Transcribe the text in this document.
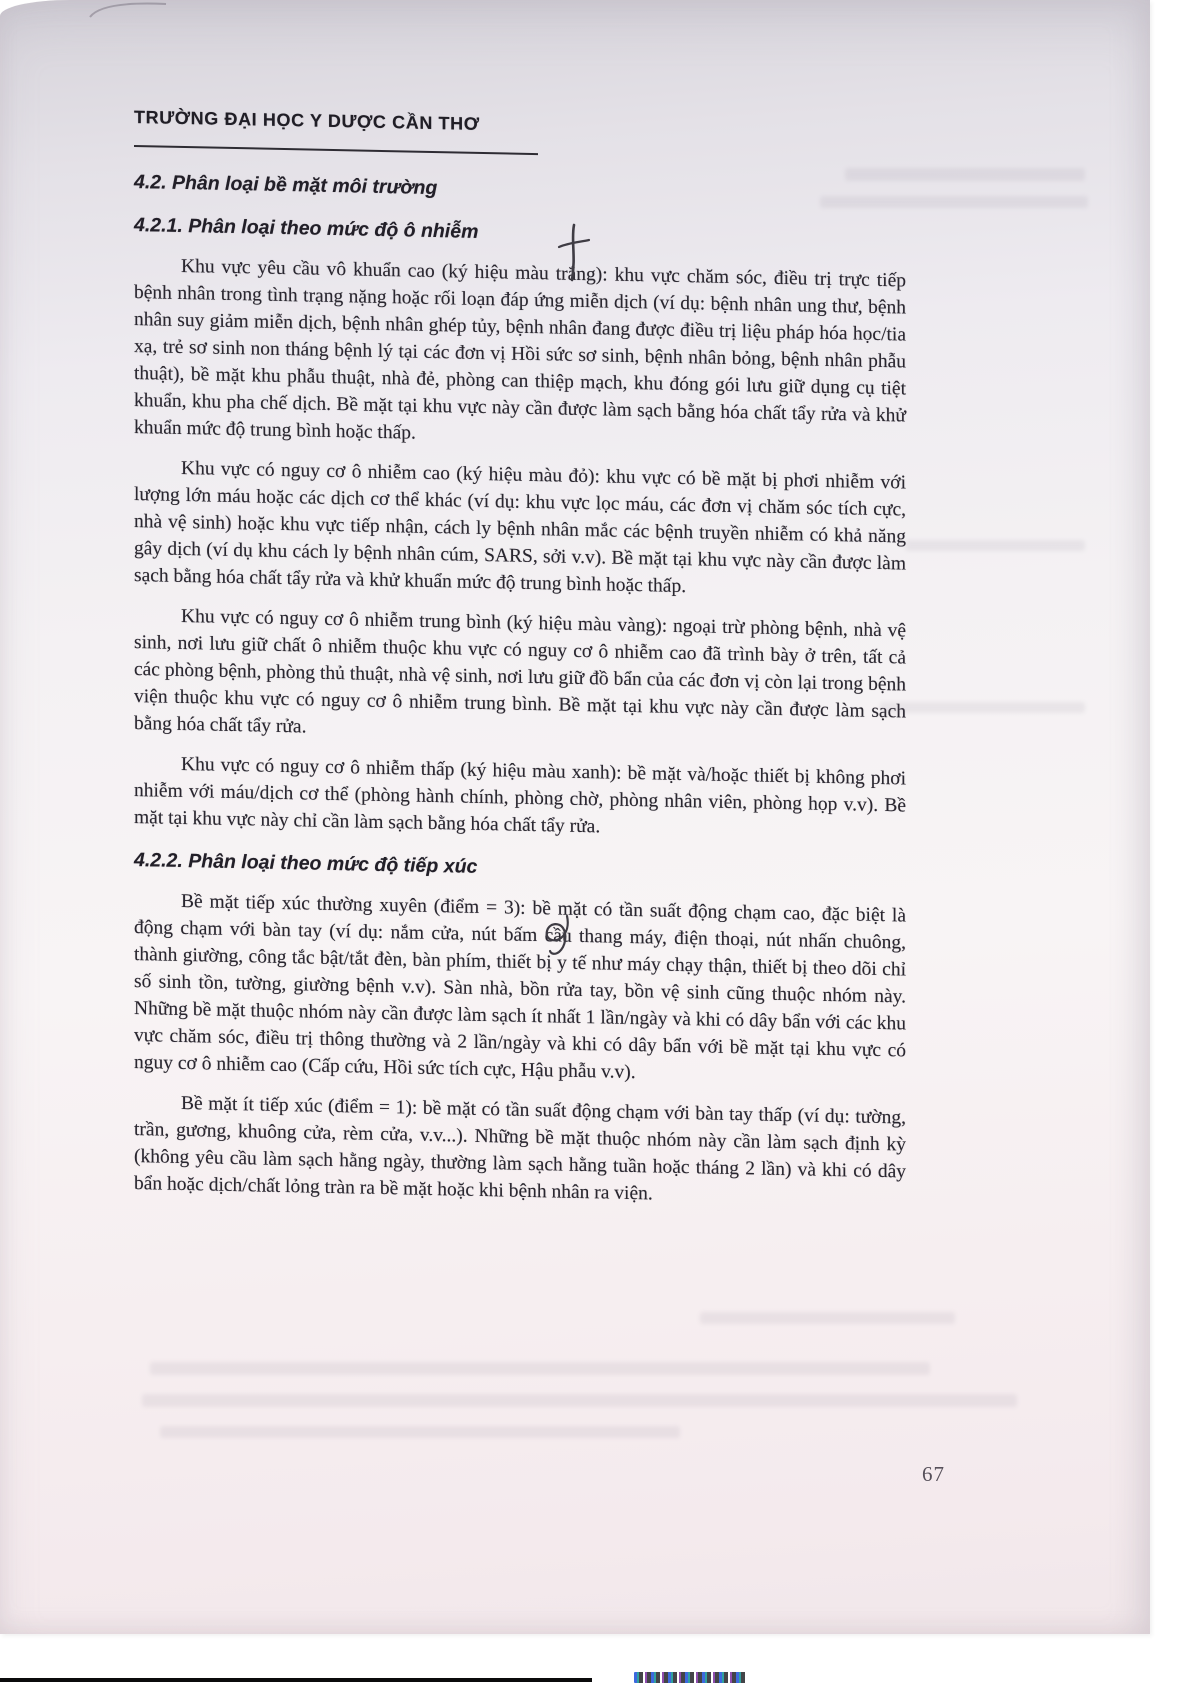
TRƯỜNG ĐẠI HỌC Y DƯỢC CẦN THƠ
4.2. Phân loại bề mặt môi trường
4.2.1. Phân loại theo mức độ ô nhiễm

Khu vực yêu cầu vô khuẩn cao (ký hiệu màu trắng): khu vực chăm sóc, điều trị trực tiếp bệnh nhân trong tình trạng nặng hoặc rối loạn đáp ứng miễn dịch (ví dụ: bệnh nhân ung thư, bệnh nhân suy giảm miễn dịch, bệnh nhân ghép tủy, bệnh nhân đang được điều trị liệu pháp hóa học/tia xạ, trẻ sơ sinh non tháng bệnh lý tại các đơn vị Hồi sức sơ sinh, bệnh nhân bỏng, bệnh nhân phẫu thuật), bề mặt khu phẫu thuật, nhà đẻ, phòng can thiệp mạch, khu đóng gói lưu giữ dụng cụ tiệt khuẩn, khu pha chế dịch. Bề mặt tại khu vực này cần được làm sạch bằng hóa chất tẩy rửa và khử khuẩn mức độ trung bình hoặc thấp.

Khu vực có nguy cơ ô nhiễm cao (ký hiệu màu đỏ): khu vực có bề mặt bị phơi nhiễm với lượng lớn máu hoặc các dịch cơ thể khác (ví dụ: khu vực lọc máu, các đơn vị chăm sóc tích cực, nhà vệ sinh) hoặc khu vực tiếp nhận, cách ly bệnh nhân mắc các bệnh truyền nhiễm có khả năng gây dịch (ví dụ khu cách ly bệnh nhân cúm, SARS, sởi v.v). Bề mặt tại khu vực này cần được làm sạch bằng hóa chất tẩy rửa và khử khuẩn mức độ trung bình hoặc thấp.

Khu vực có nguy cơ ô nhiễm trung bình (ký hiệu màu vàng): ngoại trừ phòng bệnh, nhà vệ sinh, nơi lưu giữ chất ô nhiễm thuộc khu vực có nguy cơ ô nhiễm cao đã trình bày ở trên, tất cả các phòng bệnh, phòng thủ thuật, nhà vệ sinh, nơi lưu giữ đồ bẩn của các đơn vị còn lại trong bệnh viện thuộc khu vực có nguy cơ ô nhiễm trung bình. Bề mặt tại khu vực này cần được làm sạch bằng hóa chất tẩy rửa.

Khu vực có nguy cơ ô nhiễm thấp (ký hiệu màu xanh): bề mặt và/hoặc thiết bị không phơi nhiễm với máu/dịch cơ thể (phòng hành chính, phòng chờ, phòng nhân viên, phòng họp v.v). Bề mặt tại khu vực này chỉ cần làm sạch bằng hóa chất tẩy rửa.

4.2.2. Phân loại theo mức độ tiếp xúc

Bề mặt tiếp xúc thường xuyên (điểm = 3): bề mặt có tần suất động chạm cao, đặc biệt là động chạm với bàn tay (ví dụ: nắm cửa, nút bấm cầu thang máy, điện thoại, nút nhấn chuông, thành giường, công tắc bật/tắt đèn, bàn phím, thiết bị y tế như máy chạy thận, thiết bị theo dõi chỉ số sinh tồn, tường, giường bệnh v.v). Sàn nhà, bồn rửa tay, bồn vệ sinh cũng thuộc nhóm này. Những bề mặt thuộc nhóm này cần được làm sạch ít nhất 1 lần/ngày và khi có dây bẩn với các khu vực chăm sóc, điều trị thông thường và 2 lần/ngày và khi có dây bẩn với bề mặt tại khu vực có nguy cơ ô nhiễm cao (Cấp cứu, Hồi sức tích cực, Hậu phẫu v.v).

Bề mặt ít tiếp xúc (điểm = 1): bề mặt có tần suất động chạm với bàn tay thấp (ví dụ: tường, trần, gương, khuông cửa, rèm cửa, v.v...). Những bề mặt thuộc nhóm này cần làm sạch định kỳ (không yêu cầu làm sạch hằng ngày, thường làm sạch hằng tuần hoặc tháng 2 lần) và khi có dây bẩn hoặc dịch/chất lỏng tràn ra bề mặt hoặc khi bệnh nhân ra viện.

67
